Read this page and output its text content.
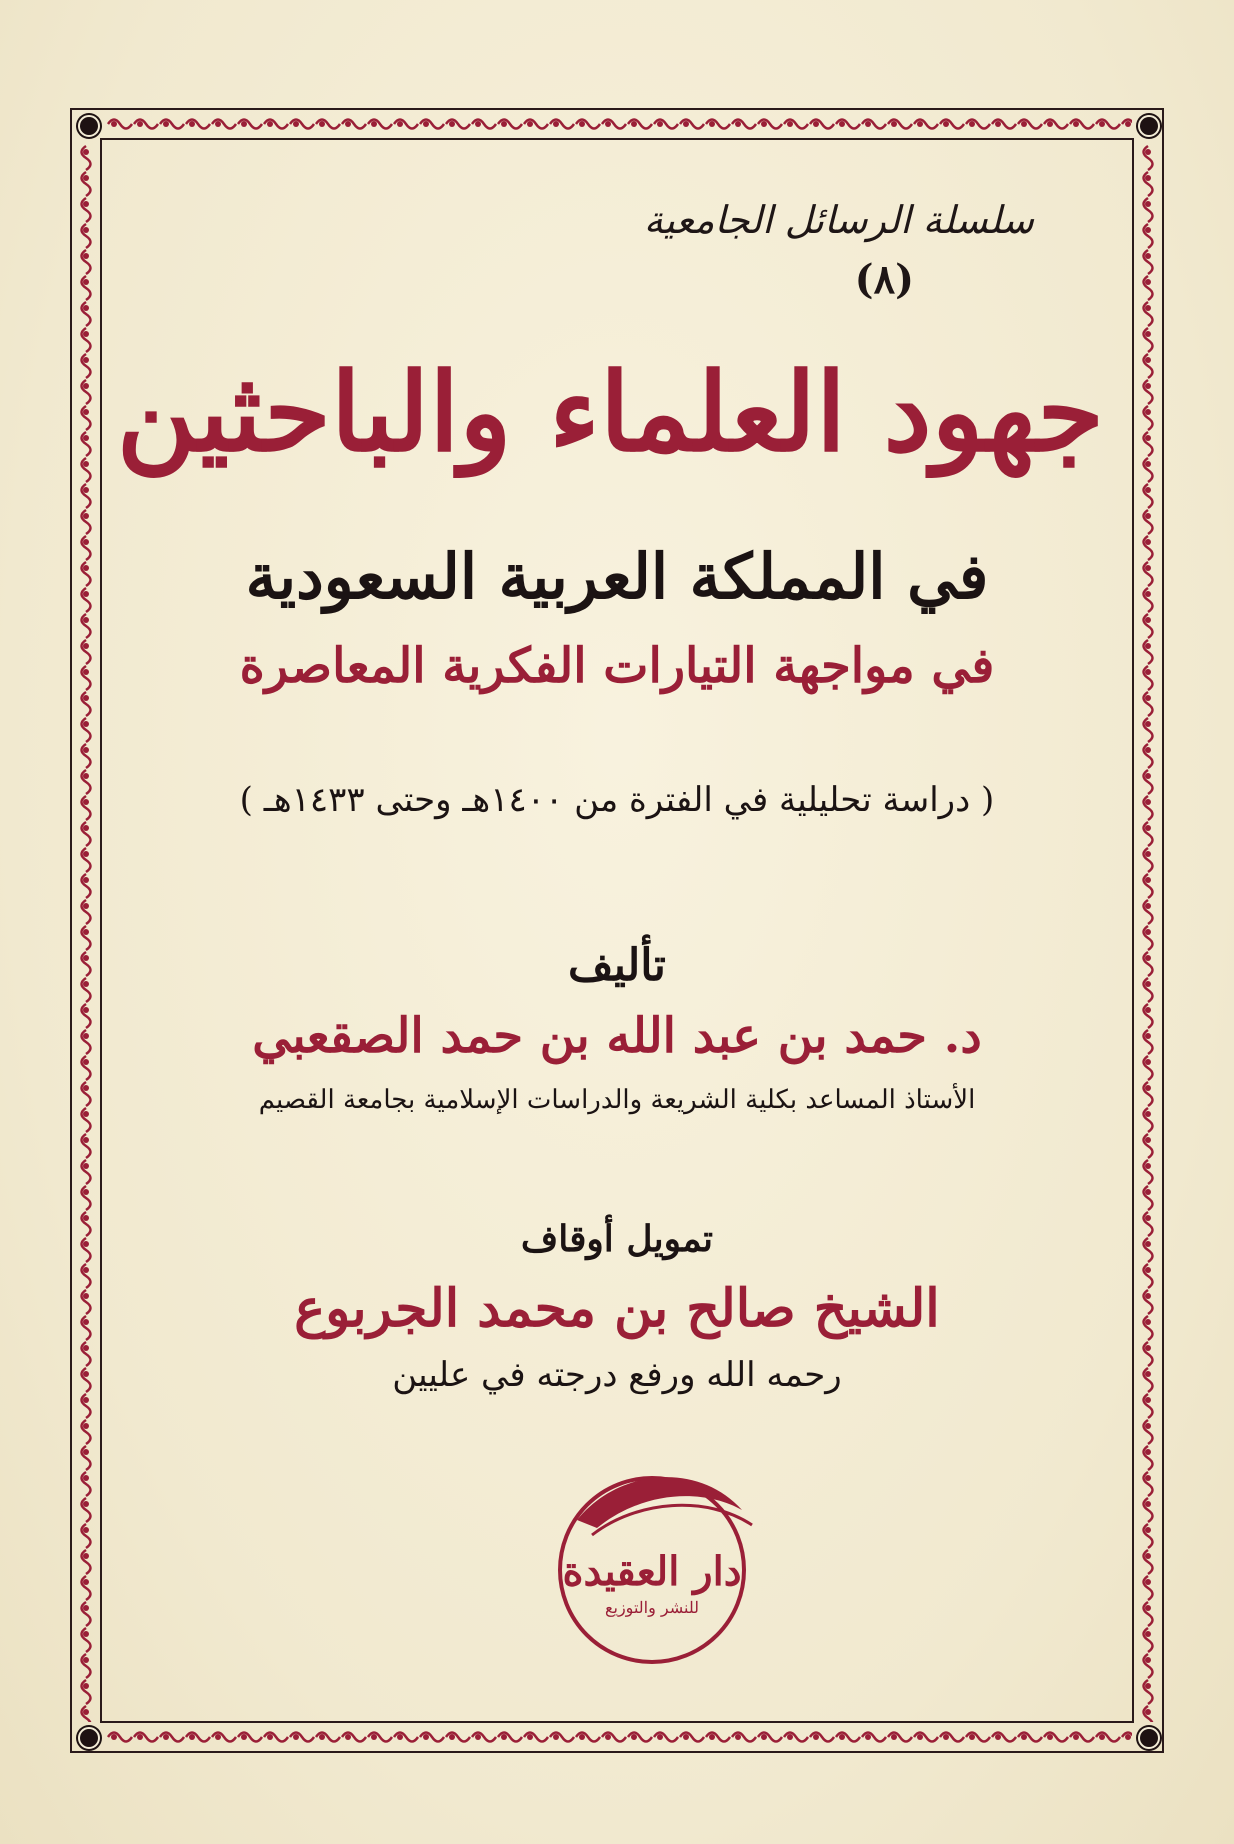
سلسلة الرسائل الجامعية
(٨)
جهود العلماء والباحثين
في المملكة العربية السعودية
في مواجهة التيارات الفكرية المعاصرة
( دراسة تحليلية في الفترة من ١٤٠٠هـ وحتى ١٤٣٣هـ )
تأليف
د. حمد بن عبد الله بن حمد الصقعبي
الأستاذ المساعد بكلية الشريعة والدراسات الإسلامية بجامعة القصيم
تمويل أوقاف
الشيخ صالح بن محمد الجربوع
رحمه الله ورفع درجته في عليين
دار العقيدة
للنشر والتوزيع
